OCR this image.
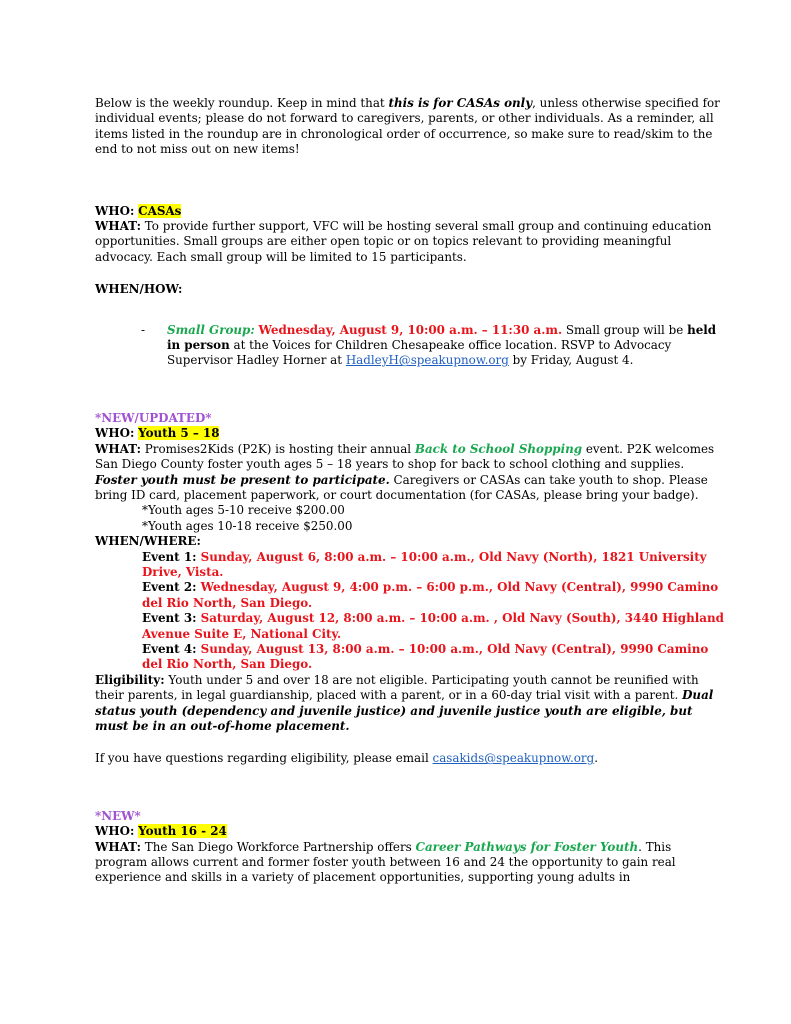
Below is the weekly roundup. Keep in mind that this is for CASAs only, unless otherwise specified for individual events; please do not forward to caregivers, parents, or other individuals. As a reminder, all items listed in the roundup are in chronological order of occurrence, so make sure to read/skim to the end to not miss out on new items!

WHO: CASAs

WHAT: To provide further support, VFC will be hosting several small group and continuing education opportunities. Small groups are either open topic or on topics relevant to providing meaningful advocacy. Each small group will be limited to 15 participants.

WHEN/HOW:

- Small Group: Wednesday, August 9, 10:00 a.m. – 11:30 a.m. Small group will be held in person at the Voices for Children Chesapeake office location. RSVP to Advocacy Supervisor Hadley Horner at HadleyH@speakupnow.org by Friday, August 4.

*NEW/UPDATED*

WHO: Youth 5 – 18

WHAT: Promises2Kids (P2K) is hosting their annual Back to School Shopping event. P2K welcomes San Diego County foster youth ages 5 – 18 years to shop for back to school clothing and supplies. Foster youth must be present to participate. Caregivers or CASAs can take youth to shop. Please bring ID card, placement paperwork, or court documentation (for CASAs, please bring your badge).

*Youth ages 5-10 receive $200.00

*Youth ages 10-18 receive $250.00

WHEN/WHERE:

Event 1: Sunday, August 6, 8:00 a.m. – 10:00 a.m., Old Navy (North), 1821 University Drive, Vista.

Event 2: Wednesday, August 9, 4:00 p.m. – 6:00 p.m., Old Navy (Central), 9990 Camino del Rio North, San Diego.

Event 3: Saturday, August 12, 8:00 a.m. – 10:00 a.m. , Old Navy (South), 3440 Highland Avenue Suite E, National City.

Event 4: Sunday, August 13, 8:00 a.m. – 10:00 a.m., Old Navy (Central), 9990 Camino del Rio North, San Diego.

Eligibility: Youth under 5 and over 18 are not eligible. Participating youth cannot be reunified with their parents, in legal guardianship, placed with a parent, or in a 60-day trial visit with a parent. Dual status youth (dependency and juvenile justice) and juvenile justice youth are eligible, but must be in an out-of-home placement.

If you have questions regarding eligibility, please email casakids@speakupnow.org.

*NEW*

WHO: Youth 16 - 24

WHAT: The San Diego Workforce Partnership offers Career Pathways for Foster Youth. This program allows current and former foster youth between 16 and 24 the opportunity to gain real experience and skills in a variety of placement opportunities, supporting young adults in
